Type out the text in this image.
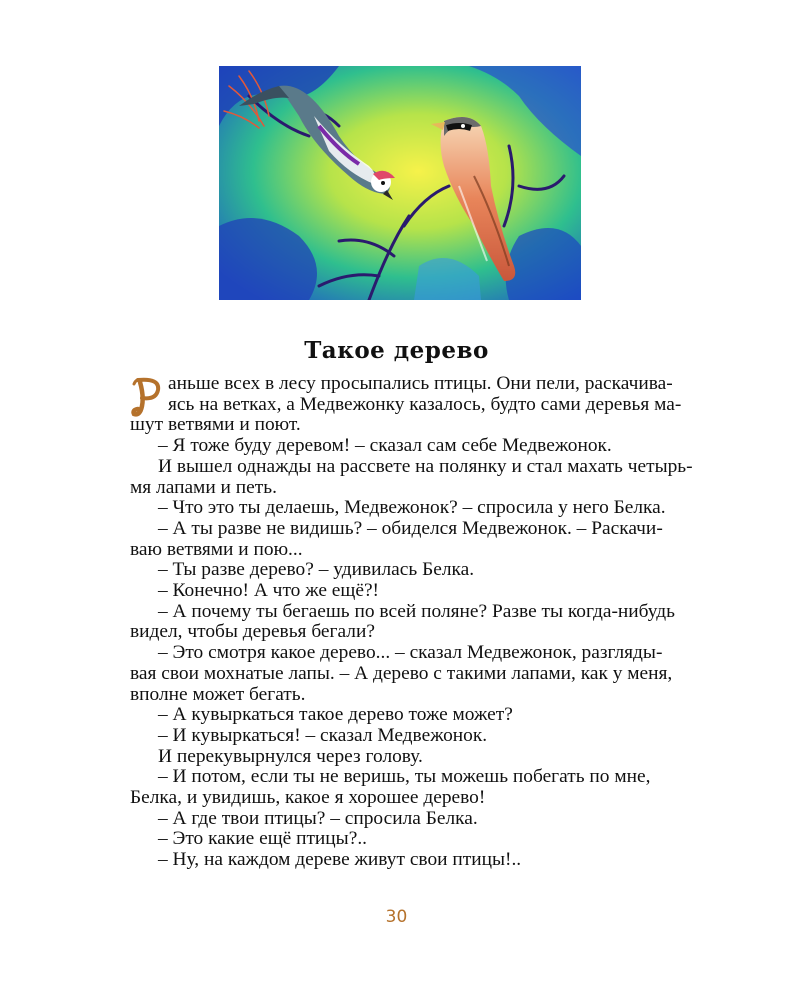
Такое дерево
аньше всех в лесу просыпались птицы. Они пели, раскачива-
ясь на ветках, а Медвежонку казалось, будто сами деревья ма-
шут ветвями и поют.
– Я тоже буду деревом! – сказал сам себе Медвежонок.
И вышел однажды на рассвете на полянку и стал махать четырь-
мя лапами и петь.
– Что это ты делаешь, Медвежонок? – спросила у него Белка.
– А ты разве не видишь? – обиделся Медвежонок. – Раскачи-
ваю ветвями и пою...
– Ты разве дерево? – удивилась Белка.
– Конечно! А что же ещё?!
– А почему ты бегаешь по всей поляне? Разве ты когда-нибудь
видел, чтобы деревья бегали?
– Это смотря какое дерево... – сказал Медвежонок, разгляды-
вая свои мохнатые лапы. – А дерево с такими лапами, как у меня,
вполне может бегать.
– А кувыркаться такое дерево тоже может?
– И кувыркаться! – сказал Медвежонок.
И перекувырнулся через голову.
– И потом, если ты не веришь, ты можешь побегать по мне,
Белка, и увидишь, какое я хорошее дерево!
– А где твои птицы? – спросила Белка.
– Это какие ещё птицы?..
– Ну, на каждом дереве живут свои птицы!..
30
